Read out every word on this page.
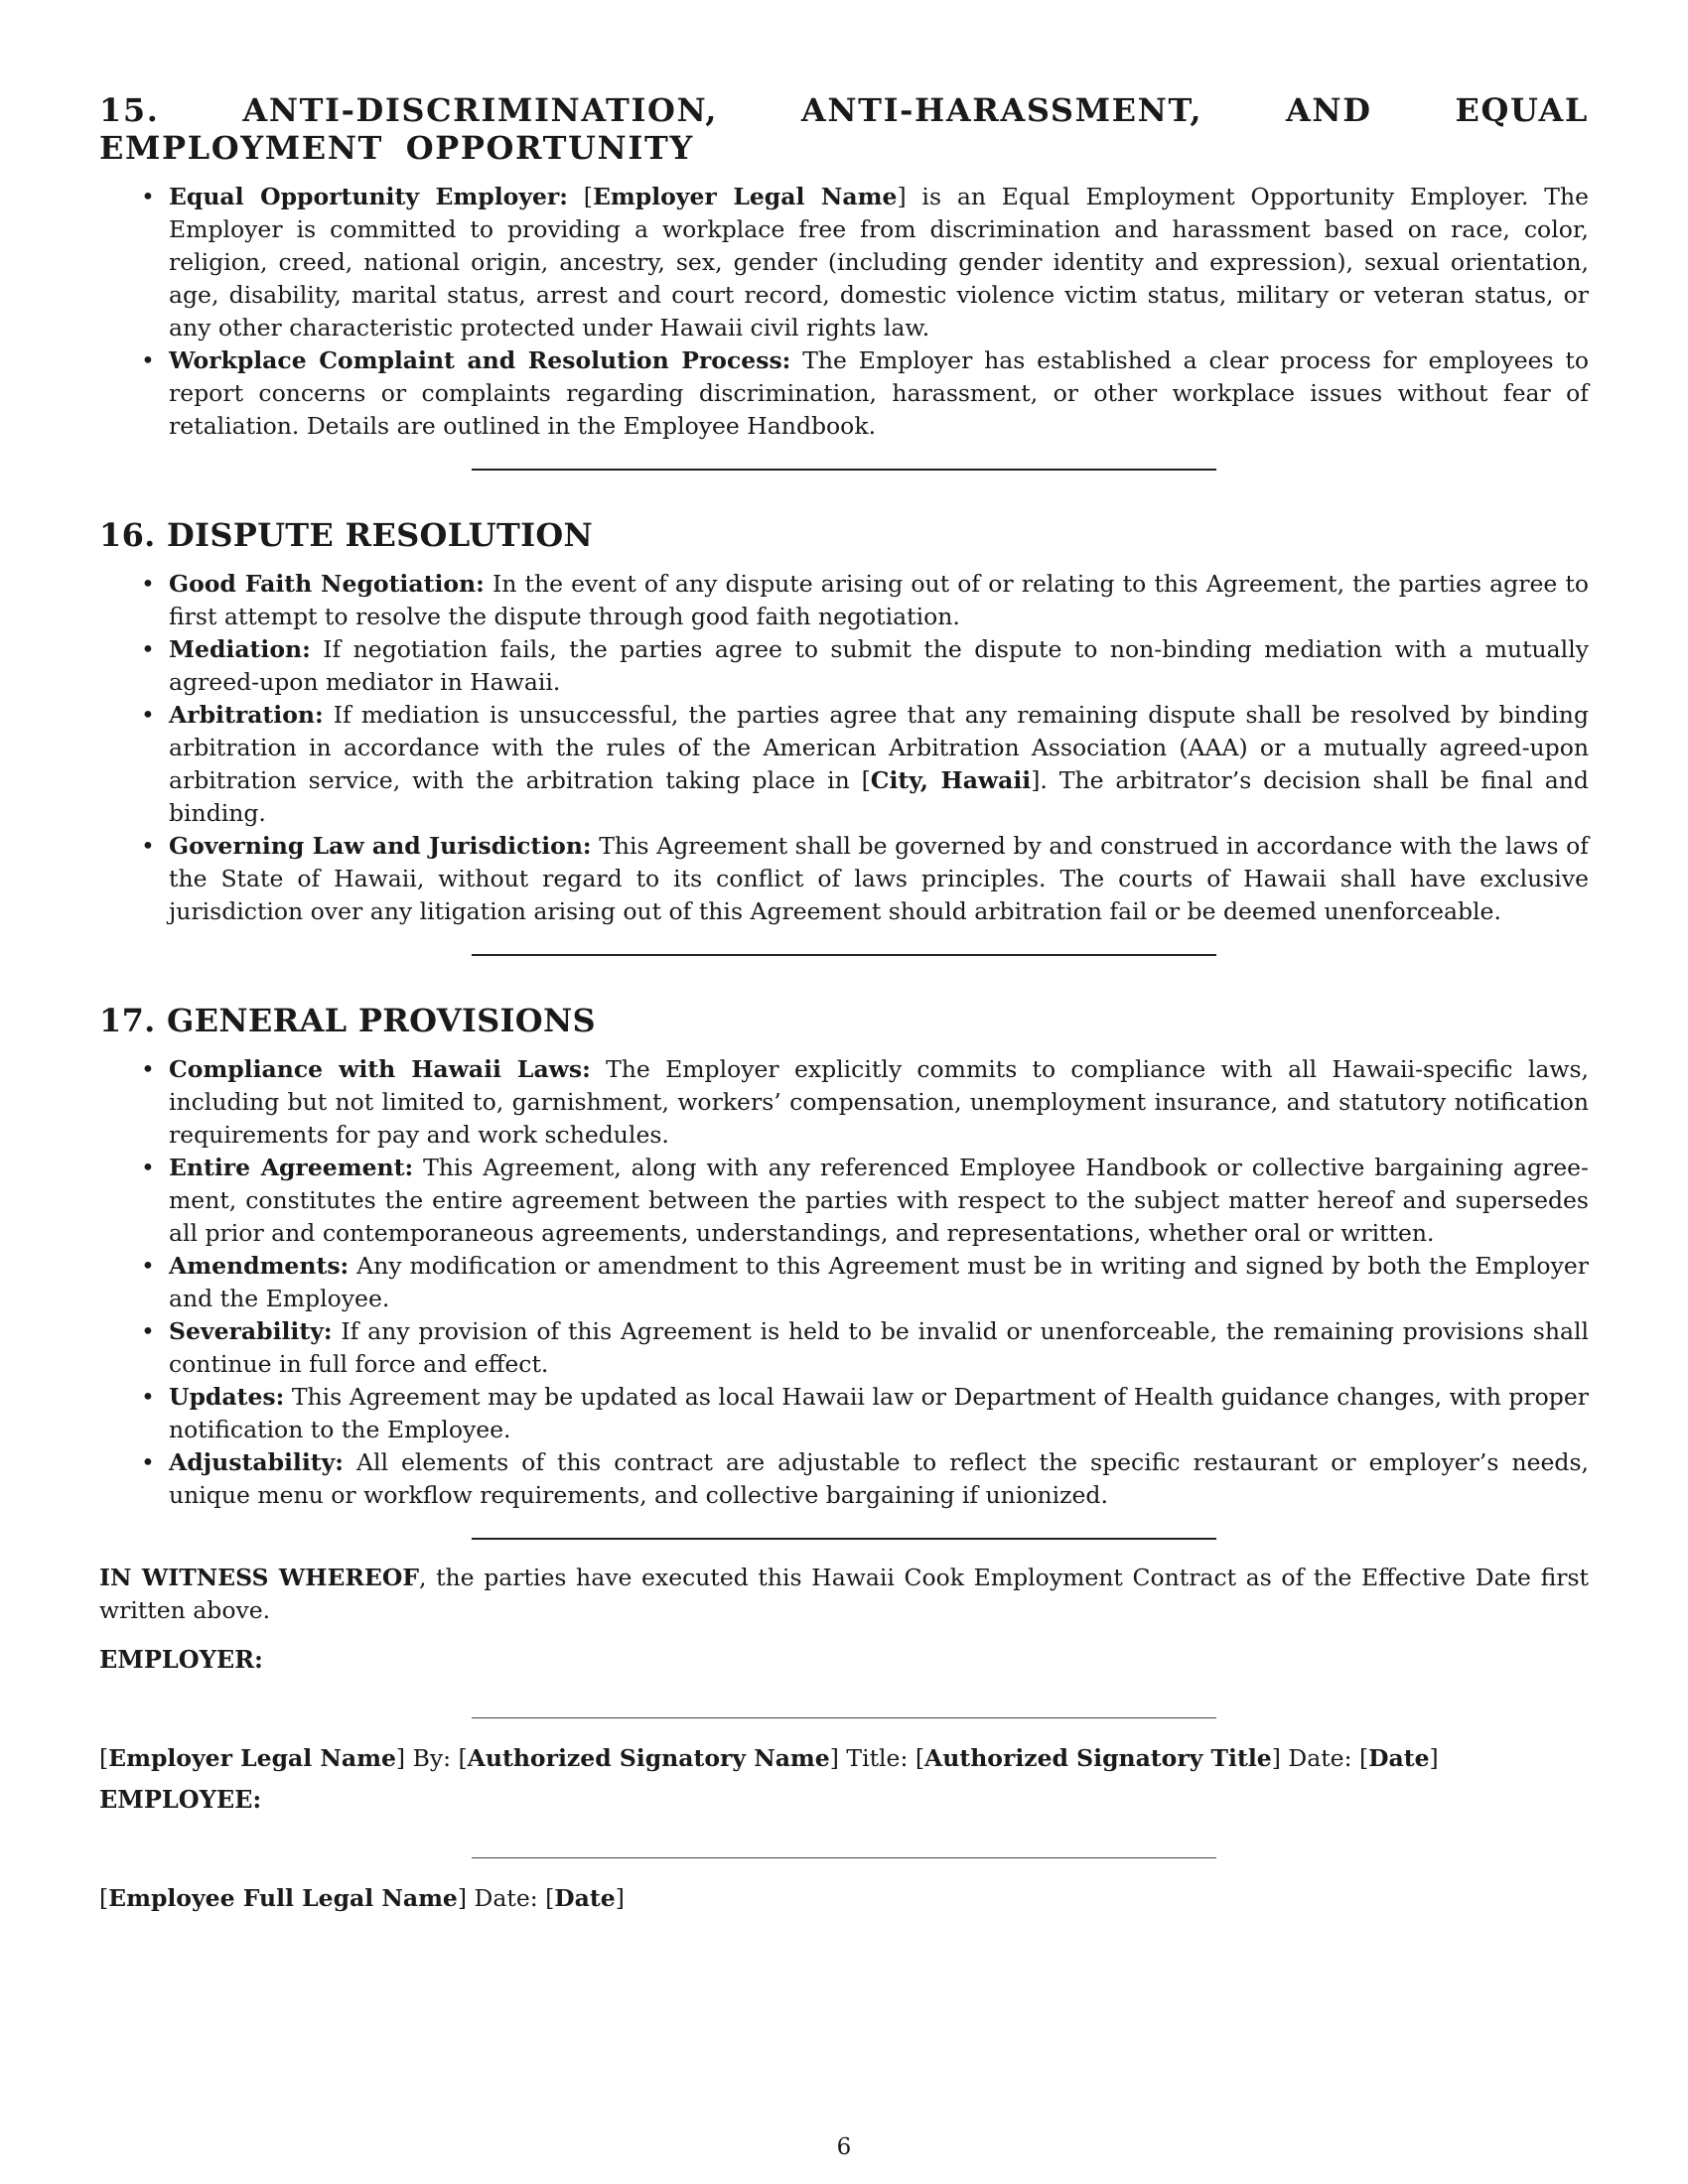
15. ANTI-DISCRIMINATION, ANTI-HARASSMENT, AND EQUAL EMPLOYMENT OPPORTUNITY
• Equal Opportunity Employer: [Employer Legal Name] is an Equal Employment Opportunity Employer. The Employer is committed to providing a workplace free from discrimination and harassment based on race, color, religion, creed, national origin, ancestry, sex, gender (including gender identity and expression), sexual orientation, age, disability, marital status, arrest and court record, domestic violence victim status, military or veteran status, or any other characteristic protected under Hawaii civil rights law.
• Workplace Complaint and Resolution Process: The Employer has established a clear process for employees to report concerns or complaints regarding discrimination, harassment, or other workplace issues without fear of retaliation. Details are outlined in the Employee Handbook.
16. DISPUTE RESOLUTION
• Good Faith Negotiation: In the event of any dispute arising out of or relating to this Agreement, the parties agree to first attempt to resolve the dispute through good faith negotiation.
• Mediation: If negotiation fails, the parties agree to submit the dispute to non-binding mediation with a mutually agreed-upon mediator in Hawaii.
• Arbitration: If mediation is unsuccessful, the parties agree that any remaining dispute shall be resolved by binding arbitration in accordance with the rules of the American Arbitration Association (AAA) or a mutually agreed-upon arbitration service, with the arbitration taking place in [City, Hawaii]. The arbitrator’s decision shall be final and binding.
• Governing Law and Jurisdiction: This Agreement shall be governed by and construed in accordance with the laws of the State of Hawaii, without regard to its conflict of laws principles. The courts of Hawaii shall have exclusive jurisdiction over any litigation arising out of this Agreement should arbitration fail or be deemed unenforceable.
17. GENERAL PROVISIONS
• Compliance with Hawaii Laws: The Employer explicitly commits to compliance with all Hawaii-specific laws, including but not limited to, garnishment, workers’ compensation, unemployment insurance, and statutory notification requirements for pay and work schedules.
• Entire Agreement: This Agreement, along with any referenced Employee Handbook or collective bargaining agree-ment, constitutes the entire agreement between the parties with respect to the subject matter hereof and supersedes all prior and contemporaneous agreements, understandings, and representations, whether oral or written.
• Amendments: Any modification or amendment to this Agreement must be in writing and signed by both the Employer and the Employee.
• Severability: If any provision of this Agreement is held to be invalid or unenforceable, the remaining provisions shall continue in full force and effect.
• Updates: This Agreement may be updated as local Hawaii law or Department of Health guidance changes, with proper notification to the Employee.
• Adjustability: All elements of this contract are adjustable to reflect the specific restaurant or employer’s needs, unique menu or workflow requirements, and collective bargaining if unionized.

IN WITNESS WHEREOF, the parties have executed this Hawaii Cook Employment Contract as of the Effective Date first written above.

EMPLOYER:

[Employer Legal Name] By: [Authorized Signatory Name] Title: [Authorized Signatory Title] Date: [Date]

EMPLOYEE:

[Employee Full Legal Name] Date: [Date]

6
